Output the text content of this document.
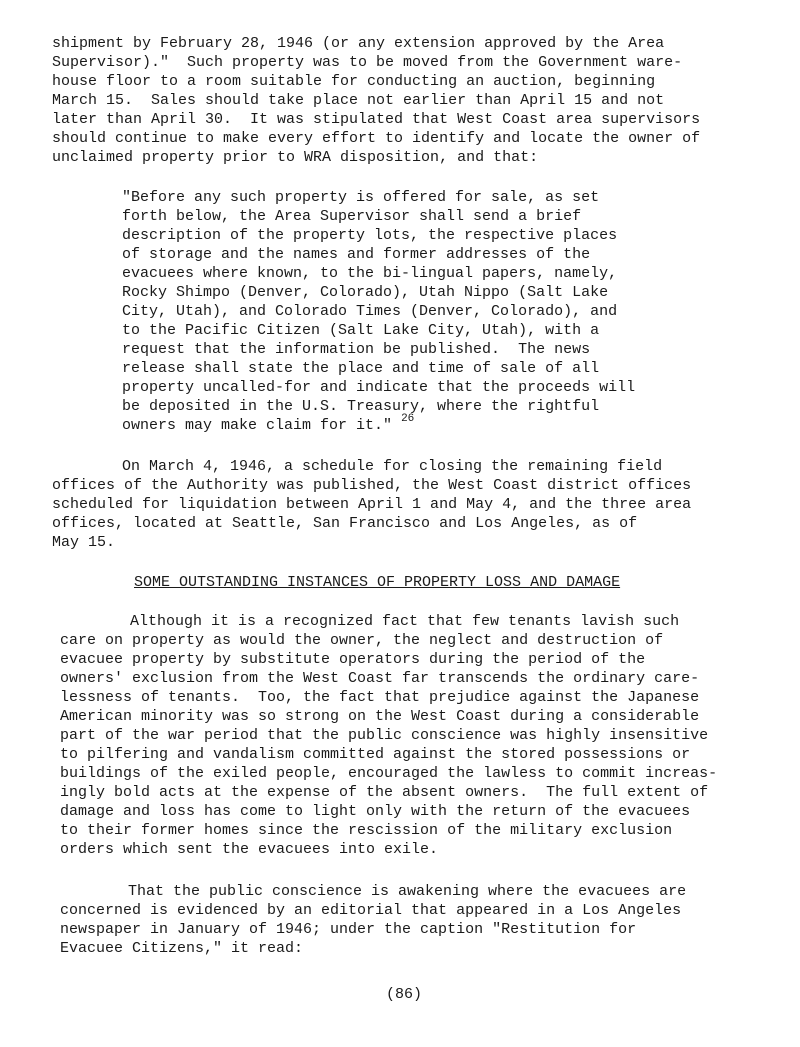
shipment by February 28, 1946 (or any extension approved by the Area
Supervisor)."  Such property was to be moved from the Government ware-
house floor to a room suitable for conducting an auction, beginning
March 15.  Sales should take place not earlier than April 15 and not
later than April 30.  It was stipulated that West Coast area supervisors
should continue to make every effort to identify and locate the owner of
unclaimed property prior to WRA disposition, and that:
"Before any such property is offered for sale, as set
forth below, the Area Supervisor shall send a brief
description of the property lots, the respective places
of storage and the names and former addresses of the
evacuees where known, to the bi-lingual papers, namely,
Rocky Shimpo (Denver, Colorado), Utah Nippo (Salt Lake
City, Utah), and Colorado Times (Denver, Colorado), and
to the Pacific Citizen (Salt Lake City, Utah), with a
request that the information be published.  The news
release shall state the place and time of sale of all
property uncalled-for and indicate that the proceeds will
be deposited in the U.S. Treasury, where the rightful
owners may make claim for it." $^{26}$
On March 4, 1946, a schedule for closing the remaining field
offices of the Authority was published, the West Coast district offices
scheduled for liquidation between April 1 and May 4, and the three area
offices, located at Seattle, San Francisco and Los Angeles, as of
May 15.
SOME OUTSTANDING INSTANCES OF PROPERTY LOSS AND DAMAGE
Although it is a recognized fact that few tenants lavish such
care on property as would the owner, the neglect and destruction of
evacuee property by substitute operators during the period of the
owners' exclusion from the West Coast far transcends the ordinary care-
lessness of tenants.  Too, the fact that prejudice against the Japanese
American minority was so strong on the West Coast during a considerable
part of the war period that the public conscience was highly insensitive
to pilfering and vandalism committed against the stored possessions or
buildings of the exiled people, encouraged the lawless to commit increas-
ingly bold acts at the expense of the absent owners.  The full extent of
damage and loss has come to light only with the return of the evacuees
to their former homes since the rescission of the military exclusion
orders which sent the evacuees into exile.
That the public conscience is awakening where the evacuees are
concerned is evidenced by an editorial that appeared in a Los Angeles
newspaper in January of 1946; under the caption "Restitution for
Evacuee Citizens," it read:
(86)
